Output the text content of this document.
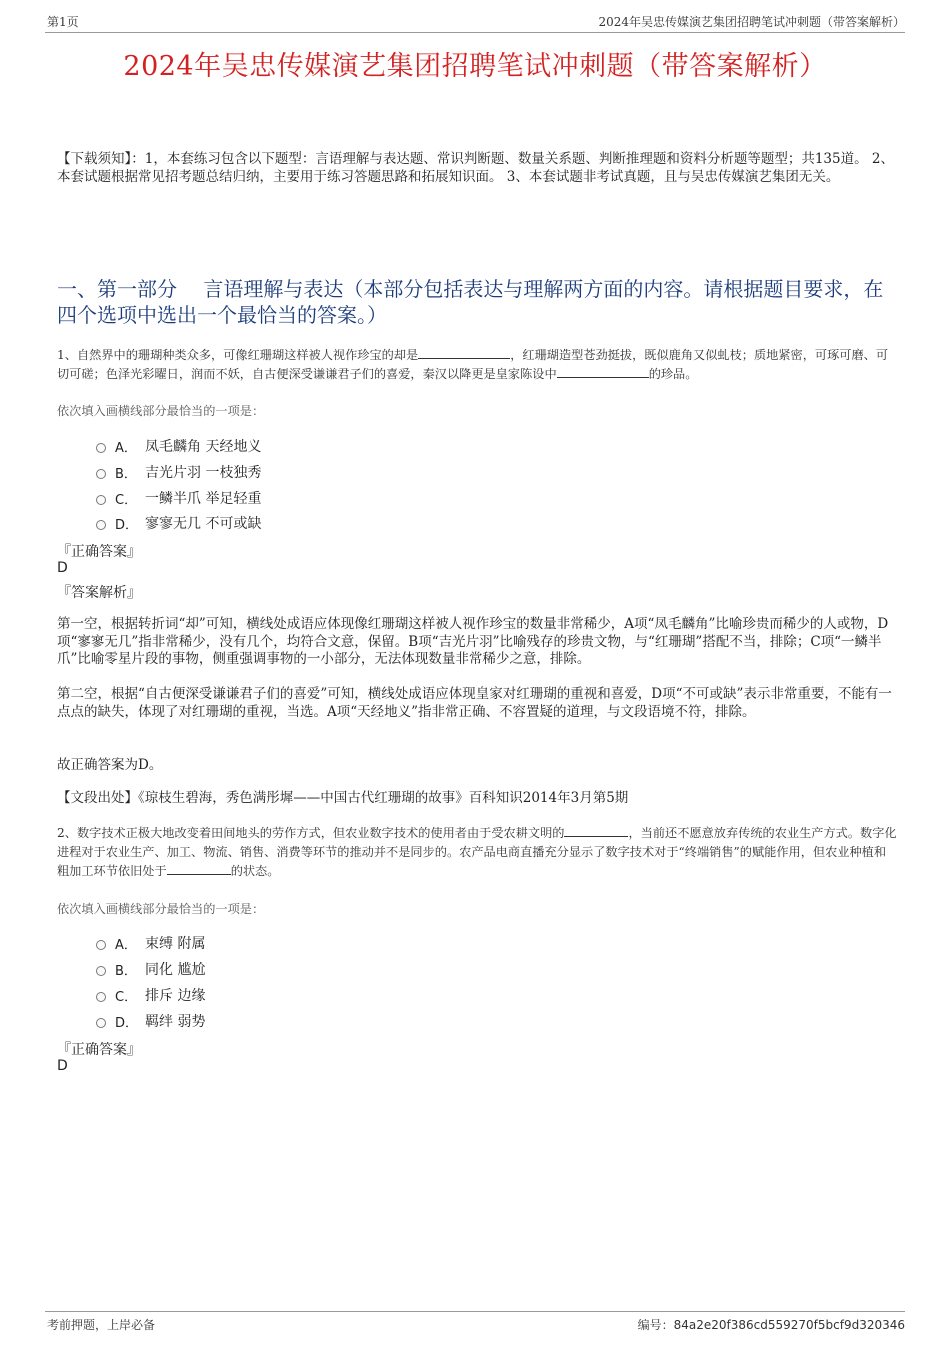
第1页	2024年吴忠传媒演艺集团招聘笔试冲刺题（带答案解析）
2024年吴忠传媒演艺集团招聘笔试冲刺题（带答案解析）
【下载须知】：1，本套练习包含以下题型：言语理解与表达题、常识判断题、数量关系题、判断推理题和资料分析题等题型；共135道。 2、本套试题根据常见招考题总结归纳，主要用于练习答题思路和拓展知识面。 3、本套试题非考试真题，且与吴忠传媒演艺集团无关。
一、第一部分　 言语理解与表达（本部分包括表达与理解两方面的内容。请根据题目要求，在四个选项中选出一个最恰当的答案。）
1、自然界中的珊瑚种类众多，可像红珊瑚这样被人视作珍宝的却是	，红珊瑚造型苍劲挺拔，既似鹿角又似虬枝；质地紧密，可琢可磨、可切可磋；色泽光彩曜日，润而不妖，自古便深受谦谦君子们的喜爱，秦汉以降更是皇家陈设中	的珍品。
依次填入画横线部分最恰当的一项是：
A． 凤毛麟角 天经地义
B． 吉光片羽 一枝独秀
C． 一鳞半爪 举足轻重
D． 寥寥无几 不可或缺
『正确答案』
D
『答案解析』
第一空，根据转折词“却”可知，横线处成语应体现像红珊瑚这样被人视作珍宝的数量非常稀少，A项“凤毛麟角”比喻珍贵而稀少的人或物，D项“寥寥无几”指非常稀少，没有几个，均符合文意，保留。B项“吉光片羽”比喻残存的珍贵文物，与“红珊瑚”搭配不当，排除；C项“一鳞半爪”比喻零星片段的事物，侧重强调事物的一小部分，无法体现数量非常稀少之意，排除。
第二空，根据“自古便深受谦谦君子们的喜爱”可知，横线处成语应体现皇家对红珊瑚的重视和喜爱，D项“不可或缺”表示非常重要，不能有一点点的缺失，体现了对红珊瑚的重视，当选。A项“天经地义”指非常正确、不容置疑的道理，与文段语境不符，排除。
故正确答案为D。
【文段出处】《琼枝生碧海，秀色满彤墀——中国古代红珊瑚的故事》百科知识2014年3月第5期
2、数字技术正极大地改变着田间地头的劳作方式，但农业数字技术的使用者由于受农耕文明的	，当前还不愿意放弃传统的农业生产方式。数字化进程对于农业生产、加工、物流、销售、消费等环节的推动并不是同步的。农产品电商直播充分显示了数字技术对于“终端销售”的赋能作用，但农业种植和粗加工环节依旧处于	的状态。
依次填入画横线部分最恰当的一项是：
A． 束缚 附属
B． 同化 尴尬
C． 排斥 边缘
D． 羁绊 弱势
『正确答案』
D
考前押题，上岸必备	编号：84a2e20f386cd559270f5bcf9d320346
